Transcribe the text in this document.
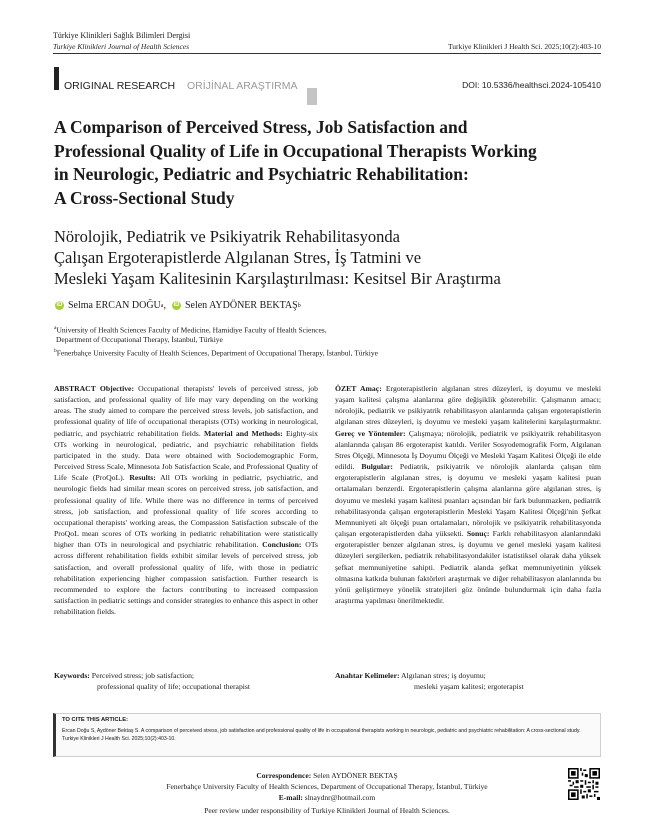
Türkiye Klinikleri Sağlık Bilimleri Dergisi
Turkiye Klinikleri Journal of Health Sciences	Turkiye Klinikleri J Health Sci. 2025;10(2):403-10
ORIGINAL RESEARCH ORİJİNAL ARAŞTIRMA	DOI: 10.5336/healthsci.2024-105410
A Comparison of Perceived Stress, Job Satisfaction and
Professional Quality of Life in Occupational Therapists Working
in Neurologic, Pediatric and Psychiatric Rehabilitation:
A Cross-Sectional Study
Nörolojik, Pediatrik ve Psikiyatrik Rehabilitasyonda
Çalışan Ergoterapistlerde Algılanan Stres, İş Tatmini ve
Mesleki Yaşam Kalitesinin Karşılaştırılması: Kesitsel Bir Araştırma
iD Selma ERCAN DOĞU a , iD Selen AYDÖNER BEKTAŞ b
$^a$University of Health Sciences Faculty of Medicine, Hamidiye Faculty of Health Sciences,
Department of Occupational Therapy, İstanbul, Türkiye
$^b$Fenerbahçe University Faculty of Health Sciences, Department of Occupational Therapy, İstanbul, Türkiye
ABSTRACT Objective: Occupational therapists' levels of perceived stress, job satisfaction, and professional quality of life may vary depending on the working areas. The study aimed to compare the perceived stress levels, job satisfaction, and professional quality of life of occupational therapists (OTs) working in neurological, pediatric, and psychiatric rehabilitation fields. Material and Methods: Eighty-six OTs working in neurological, pediatric, and psychiatric rehabilitation fields participated in the study. Data were obtained with Sociodemographic Form, Perceived Stress Scale, Minnesota Job Satisfaction Scale, and Professional Quality of Life Scale (ProQoL). Results: All OTs working in pediatric, psychiatric, and neurologic fields had similar mean scores on perceived stress, job satisfaction, and professional quality of life. While there was no difference in terms of perceived stress, job satisfaction, and professional quality of life scores according to occupational therapists' working areas, the Compassion Satisfaction subscale of the ProQoL mean scores of OTs working in pediatric rehabilitation were statistically higher than OTs in neurological and psychiatric rehabilitation. Conclusion: OTs across different rehabilitation fields exhibit similar levels of perceived stress, job satisfaction, and overall professional quality of life, with those in pediatric rehabilitation experiencing higher compassion satisfaction. Further research is recommended to explore the factors contributing to increased compassion satisfaction in pediatric settings and consider strategies to enhance this aspect in other rehabilitation fields.
Keywords: Perceived stress; job satisfaction;
professional quality of life; occupational therapist
ÖZET Amaç: Ergoterapistlerin algılanan stres düzeyleri, iş doyumu ve mesleki yaşam kalitesi çalışma alanlarına göre değişiklik gösterebilir. Çalışmanın amacı; nörolojik, pediatrik ve psikiyatrik rehabilitasyon alanlarında çalışan ergoterapistlerin algılanan stres düzeyleri, iş doyumu ve mesleki yaşam kalitelerini karşılaştırmaktır. Gereç ve Yöntemler: Çalışmaya; nörolojik, pediatrik ve psikiyatrik rehabilitasyon alanlarında çalışan 86 ergoterapist katıldı. Veriler Sosyodemografik Form, Algılanan Stres Ölçeği, Minnesota İş Doyumu Ölçeği ve Mesleki Yaşam Kalitesi Ölçeği ile elde edildi. Bulgular: Pediatrik, psikiyatrik ve nörolojik alanlarda çalışan tüm ergoterapistlerin algılanan stres, iş doyumu ve mesleki yaşam kalitesi puan ortalamaları benzerdi. Ergoterapistlerin çalışma alanlarına göre algılanan stres, iş doyumu ve mesleki yaşam kalitesi puanları açısından bir fark bulunmazken, pediatrik rehabilitasyonda çalışan ergoterapistlerin Mesleki Yaşam Kalitesi Ölçeği'nin Şefkat Memnuniyeti alt ölçeği puan ortalamaları, nörolojik ve psikiyatrik rehabilitasyonda çalışan ergoterapistlerden daha yüksekti. Sonuç: Farklı rehabilitasyon alanlarındaki ergoterapistler benzer algılanan stres, iş doyumu ve genel mesleki yaşam kalitesi düzeyleri sergilerken, pediatrik rehabilitasyondakiler istatistiksel olarak daha yüksek şefkat memnuniyetine sahipti. Pediatrik alanda şefkat memnuniyetinin yüksek olmasına katkıda bulunan faktörleri araştırmak ve diğer rehabilitasyon alanlarında bu yönü geliştirmeye yönelik stratejileri göz önünde bulundurmak için daha fazla araştırma yapılması önerilmektedir.
Anahtar Kelimeler: Algılanan stres; iş doyumu;
mesleki yaşam kalitesi; ergoterapist
TO CITE THIS ARTICLE:
Ercan Doğu S, Aydöner Bektaş S. A comparison of perceived stress, job satisfaction and professional quality of life in occupational therapists working in neurologic, pediatric and psychiatric rehabilitation: A cross-sectional study. Turkiye Klinikleri J Health Sci. 2025;10(2):403-10.
Correspondence: Selen AYDÖNER BEKTAŞ
Fenerbahçe University Faculty of Health Sciences, Department of Occupational Therapy, İstanbul, Türkiye
E-mail: slnaydnr@hotmail.com
Peer review under responsibility of Turkiye Klinikleri Journal of Health Sciences.
